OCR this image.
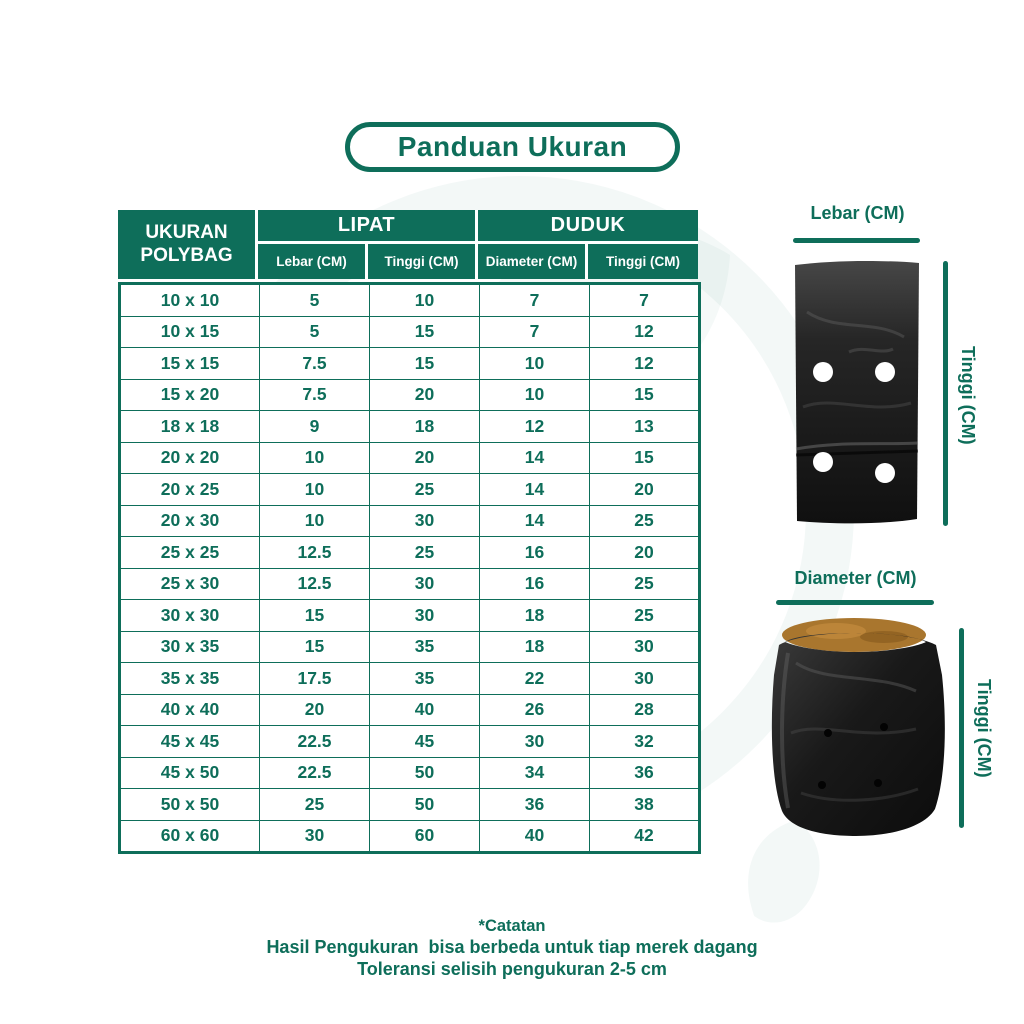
Panduan Ukuran
UKURAN POLYBAG
LIPAT	DUDUK
Lebar (CM)	Tinggi (CM)	Diameter (CM)	Tinggi (CM)
10 x 10	5	10	7	7
10 x 15	5	15	7	12
15 x 15	7.5	15	10	12
15 x 20	7.5	20	10	15
18 x 18	9	18	12	13
20 x 20	10	20	14	15
20 x 25	10	25	14	20
20 x 30	10	30	14	25
25 x 25	12.5	25	16	20
25 x 30	12.5	30	16	25
30 x 30	15	30	18	25
30 x 35	15	35	18	30
35 x 35	17.5	35	22	30
40 x 40	20	40	26	28
45 x 45	22.5	45	30	32
45 x 50	22.5	50	34	36
50 x 50	25	50	36	38
60 x 60	30	60	40	42
Lebar (CM)
Tinggi (CM)
Diameter (CM)
Tinggi (CM)
*Catatan
Hasil Pengukuran  bisa berbeda untuk tiap merek dagang
Toleransi selisih pengukuran 2-5 cm
